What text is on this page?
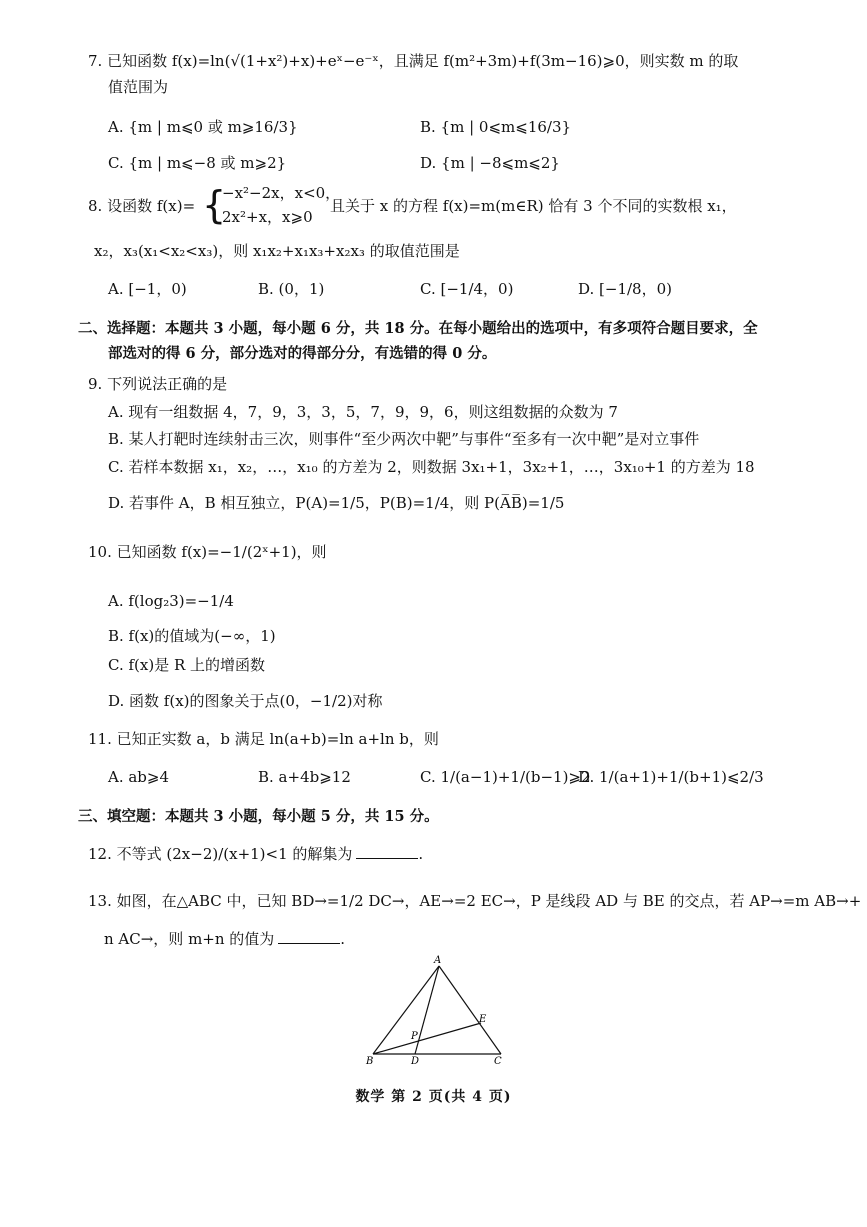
7. 已知函数 f(x)=ln(√(1+x²)+x)+eˣ−e⁻ˣ，且满足 f(m²+3m)+f(3m−16)⩾0，则实数 m 的取
值范围为
A. {m | m⩽0 或 m⩾16/3}	B. {m | 0⩽m⩽16/3}
C. {m | m⩽−8 或 m⩾2}	D. {m | −8⩽m⩽2}
8. 设函数 f(x)= {
−x²−2x，x<0，
2x²+x，x⩾0
且关于 x 的方程 f(x)=m(m∈R) 恰有 3 个不同的实数根 x₁，
x₂，x₃(x₁<x₂<x₃)，则 x₁x₂+x₁x₃+x₂x₃ 的取值范围是
A. [−1，0)	B. (0，1)	C. [−1/4，0)	D. [−1/8，0)
二、选择题：本题共 3 小题，每小题 6 分，共 18 分。在每小题给出的选项中，有多项符合题目要求，全
部选对的得 6 分，部分选对的得部分分，有选错的得 0 分。
9. 下列说法正确的是
A. 现有一组数据 4，7，9，3，3，5，7，9，9，6，则这组数据的众数为 7
B. 某人打靶时连续射击三次，则事件“至少两次中靶”与事件“至多有一次中靶”是对立事件
C. 若样本数据 x₁，x₂，…，x₁₀ 的方差为 2，则数据 3x₁+1，3x₂+1，…，3x₁₀+1 的方差为 18
D. 若事件 A，B 相互独立，P(A)=1/5，P(B)=1/4，则 P(A̅B̅)=1/5
10. 已知函数 f(x)=−1/(2ˣ+1)，则
A. f(log₂3)=−1/4
B. f(x)的值域为(−∞，1)
C. f(x)是 R 上的增函数
D. 函数 f(x)的图象关于点(0，−1/2)对称
11. 已知正实数 a，b 满足 ln(a+b)=ln a+ln b，则
A. ab⩾4	B. a+4b⩾12	C. 1/(a−1)+1/(b−1)⩾2
D. 1/(a+1)+1/(b+1)⩽2/3
三、填空题：本题共 3 小题，每小题 5 分，共 15 分。
12. 不等式 (2x−2)/(x+1)<1 的解集为	.
13. 如图，在△ABC 中，已知 BD→=1/2 DC→，AE→=2 EC→，P 是线段 AD 与 BE 的交点，若 AP→=m AB→+
n AC→，则 m+n 的值为	.
A
B	C
D
E
P
数学 第 2 页(共 4 页)
